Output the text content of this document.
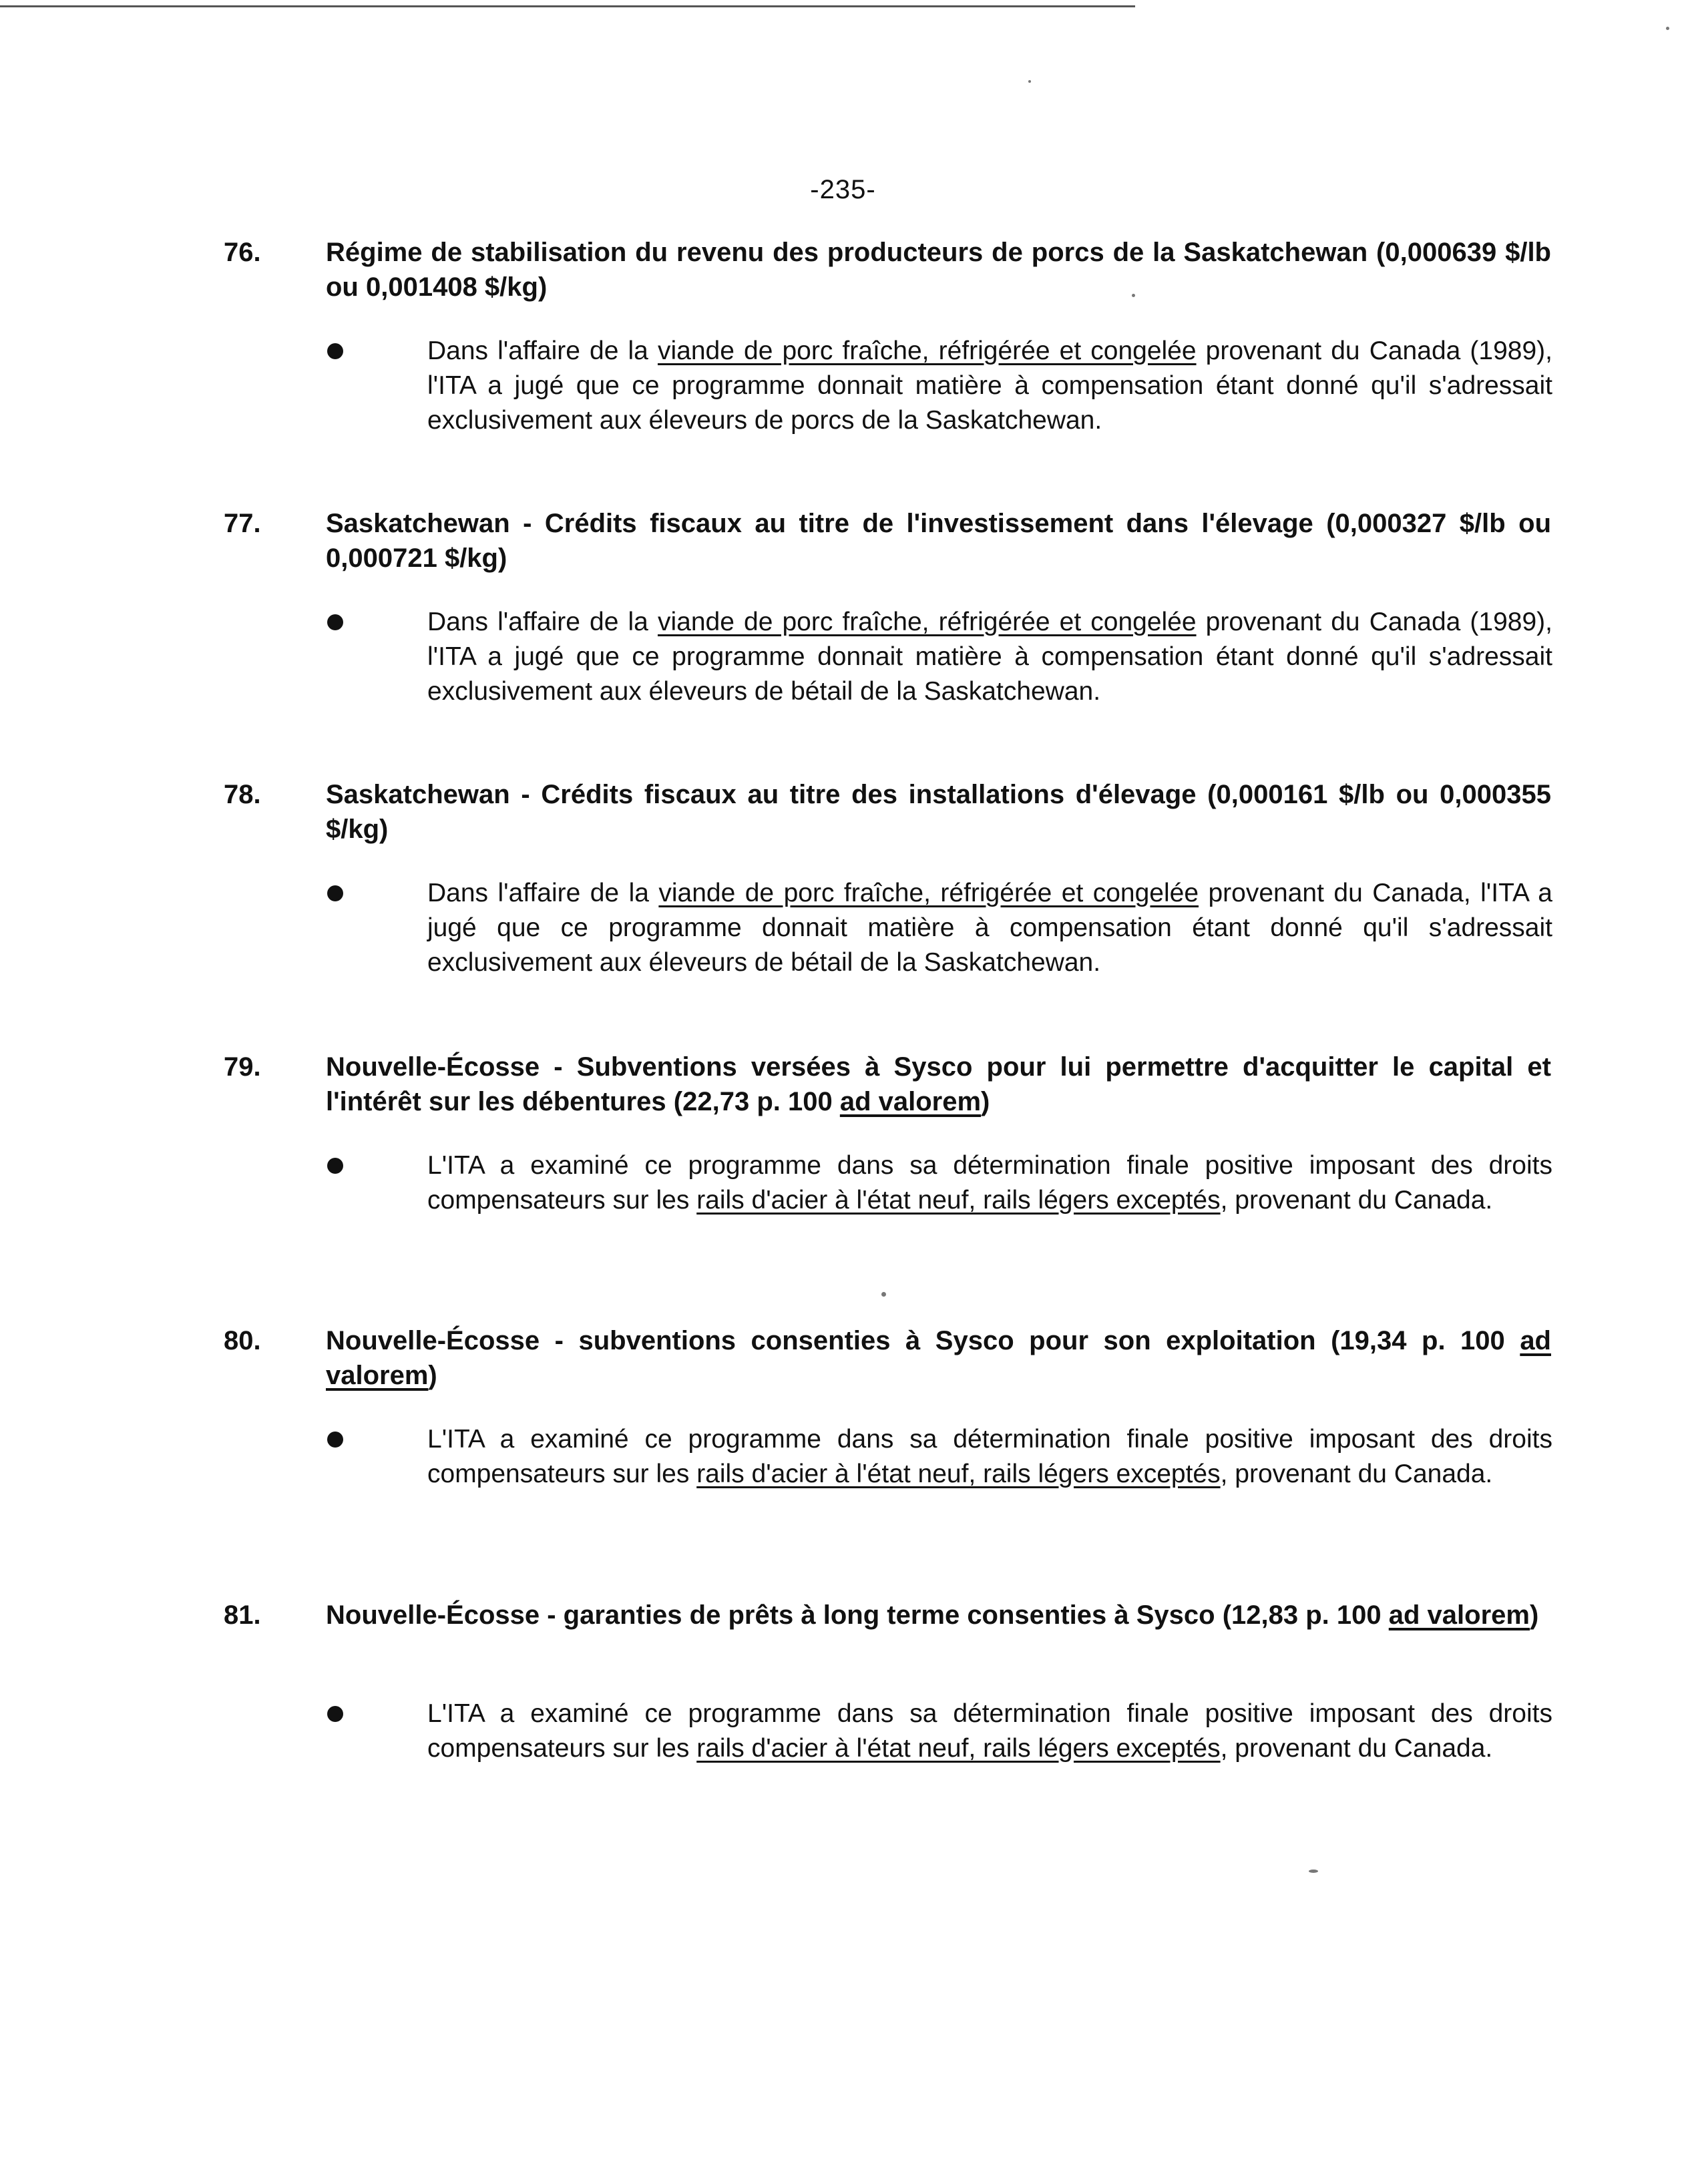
-235-
76. Régime de stabilisation du revenu des producteurs de porcs de la Saskatchewan (0,000639 $/lb ou 0,001408 $/kg)

Dans l'affaire de la viande de porc fraîche, réfrigérée et congelée provenant du Canada (1989), l'ITA a jugé que ce programme donnait matière à compensation étant donné qu'il s'adressait exclusivement aux éleveurs de porcs de la Saskatchewan.

77. Saskatchewan - Crédits fiscaux au titre de l'investissement dans l'élevage (0,000327 $/lb ou 0,000721 $/kg)

Dans l'affaire de la viande de porc fraîche, réfrigérée et congelée provenant du Canada (1989), l'ITA a jugé que ce programme donnait matière à compensation étant donné qu'il s'adressait exclusivement aux éleveurs de bétail de la Saskatchewan.

78. Saskatchewan - Crédits fiscaux au titre des installations d'élevage (0,000161 $/lb ou 0,000355 $/kg)

Dans l'affaire de la viande de porc fraîche, réfrigérée et congelée provenant du Canada, l'ITA a jugé que ce programme donnait matière à compensation étant donné qu'il s'adressait exclusivement aux éleveurs de bétail de la Saskatchewan.

79. Nouvelle-Écosse - Subventions versées à Sysco pour lui permettre d'acquitter le capital et l'intérêt sur les débentures (22,73 p. 100 ad valorem)

L'ITA a examiné ce programme dans sa détermination finale positive imposant des droits compensateurs sur les rails d'acier à l'état neuf, rails légers exceptés, provenant du Canada.

80. Nouvelle-Écosse - subventions consenties à Sysco pour son exploitation (19,34 p. 100 ad valorem)

L'ITA a examiné ce programme dans sa détermination finale positive imposant des droits compensateurs sur les rails d'acier à l'état neuf, rails légers exceptés, provenant du Canada.

81. Nouvelle-Écosse - garanties de prêts à long terme consenties à Sysco (12,83 p. 100 ad valorem)

L'ITA a examiné ce programme dans sa détermination finale positive imposant des droits compensateurs sur les rails d'acier à l'état neuf, rails légers exceptés, provenant du Canada.
